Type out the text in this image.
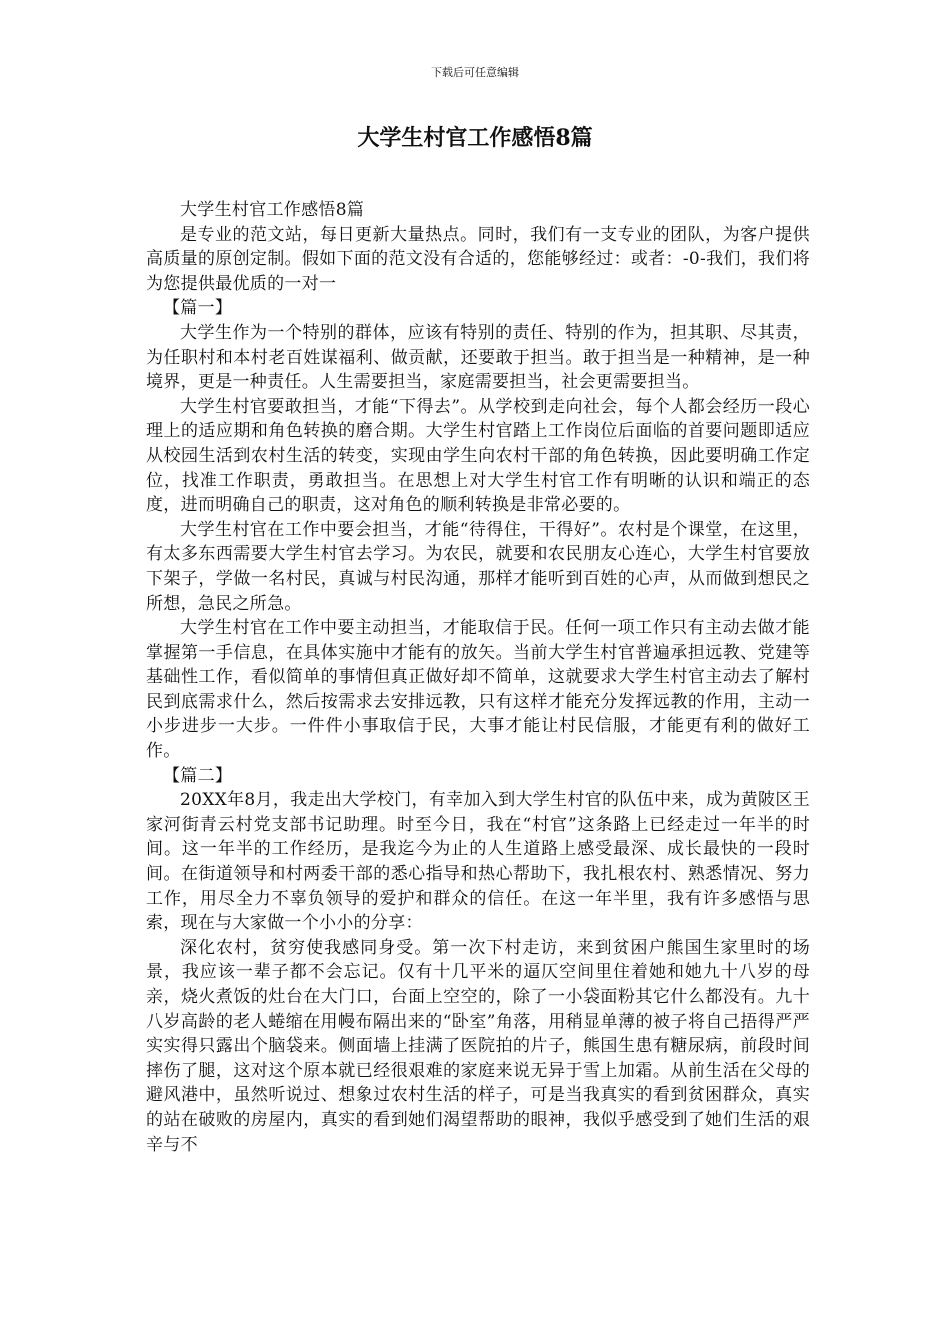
下载后可任意编辑
大学生村官工作感悟8篇

大学生村官工作感悟8篇

是专业的范文站，每日更新大量热点。同时，我们有一支专业的团队，为客户提供高质量的原创定制。假如下面的范文没有合适的，您能够经过：或者：-0-我们，我们将为您提供最优质的一对一

【篇一】

大学生作为一个特别的群体，应该有特别的责任、特别的作为，担其职、尽其责，为任职村和本村老百姓谋福利、做贡献，还要敢于担当。敢于担当是一种精神，是一种境界，更是一种责任。人生需要担当，家庭需要担当，社会更需要担当。

大学生村官要敢担当，才能“下得去”。从学校到走向社会，每个人都会经历一段心理上的适应期和角色转换的磨合期。大学生村官踏上工作岗位后面临的首要问题即适应从校园生活到农村生活的转变，实现由学生向农村干部的角色转换，因此要明确工作定位，找准工作职责，勇敢担当。在思想上对大学生村官工作有明晰的认识和端正的态度，进而明确自己的职责，这对角色的顺利转换是非常必要的。

大学生村官在工作中要会担当，才能“待得住，干得好”。农村是个课堂，在这里，有太多东西需要大学生村官去学习。为农民，就要和农民朋友心连心，大学生村官要放下架子，学做一名村民，真诚与村民沟通，那样才能听到百姓的心声，从而做到想民之所想，急民之所急。

大学生村官在工作中要主动担当，才能取信于民。任何一项工作只有主动去做才能掌握第一手信息，在具体实施中才能有的放矢。当前大学生村官普遍承担远教、党建等基础性工作，看似简单的事情但真正做好却不简单，这就要求大学生村官主动去了解村民到底需求什么，然后按需求去安排远教，只有这样才能充分发挥远教的作用，主动一小步进步一大步。一件件小事取信于民，大事才能让村民信服，才能更有利的做好工作。

【篇二】

20XX年8月，我走出大学校门，有幸加入到大学生村官的队伍中来，成为黄陂区王家河街青云村党支部书记助理。时至今日，我在“村官”这条路上已经走过一年半的时间。这一年半的工作经历，是我迄今为止的人生道路上感受最深、成长最快的一段时间。在街道领导和村两委干部的悉心指导和热心帮助下，我扎根农村、熟悉情况、努力工作，用尽全力不辜负领导的爱护和群众的信任。在这一年半里，我有许多感悟与思索，现在与大家做一个小小的分享：

深化农村，贫穷使我感同身受。第一次下村走访，来到贫困户熊国生家里时的场景，我应该一辈子都不会忘记。仅有十几平米的逼仄空间里住着她和她九十八岁的母亲，烧火煮饭的灶台在大门口，台面上空空的，除了一小袋面粉其它什么都没有。九十八岁高龄的老人蜷缩在用幔布隔出来的“卧室”角落，用稍显单薄的被子将自己捂得严严实实得只露出个脑袋来。侧面墙上挂满了医院拍的片子，熊国生患有糖尿病，前段时间摔伤了腿，这对这个原本就已经很艰难的家庭来说无异于雪上加霜。从前生活在父母的避风港中，虽然听说过、想象过农村生活的样子，可是当我真实的看到贫困群众，真实的站在破败的房屋内，真实的看到她们渴望帮助的眼神，我似乎感受到了她们生活的艰辛与不
